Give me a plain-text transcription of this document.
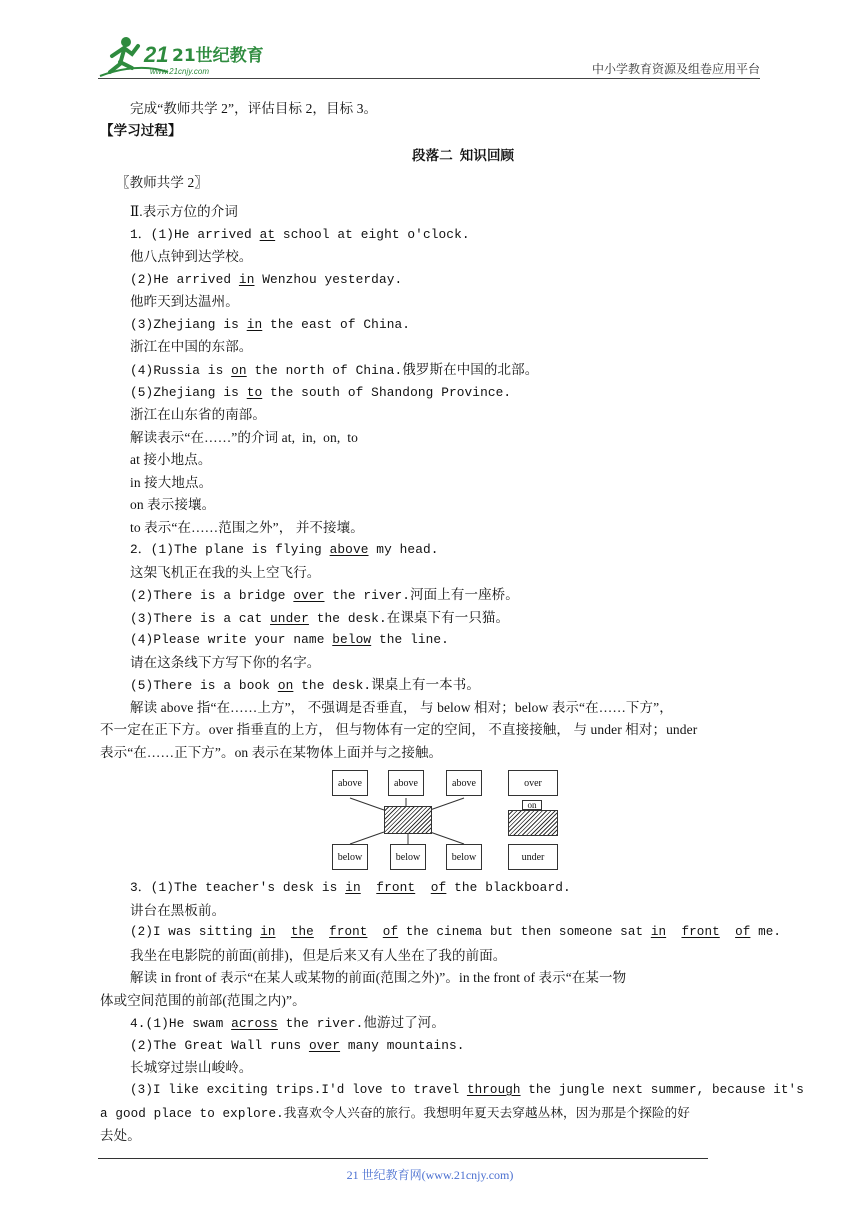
21 21世纪教育
www.21cnjy.com	中小学教育资源及组卷应用平台
完成“教师共学 2”，评估目标 2，目标 3。
【学习过程】
段落二  知识回顾
〖教师共学 2〗
Ⅱ.表示方位的介词
1．(1)He arrived at school at eight o'clock.
他八点钟到达学校。
(2)He arrived in Wenzhou yesterday.
他昨天到达温州。
(3)Zhejiang is in the east of China.
浙江在中国的东部。
(4)Russia is on the north of China.俄罗斯在中国的北部。
(5)Zhejiang is to the south of Shandong Province.
浙江在山东省的南部。
解读表示“在……”的介词 at,  in,  on,  to
at 接小地点。
in 接大地点。
on 表示接壤。
to 表示“在……范围之外”， 并不接壤。
2．(1)The plane is flying above my head.
这架飞机正在我的头上空飞行。
(2)There is a bridge over the river.河面上有一座桥。
(3)There is a cat under the desk.在课桌下有一只猫。
(4)Please write your name below the line.
请在这条线下方写下你的名字。
(5)There is a book on the desk.课桌上有一本书。
解读 above 指“在……上方”， 不强调是否垂直， 与 below 相对；below 表示“在……下方”，
不一定在正下方。over 指垂直的上方， 但与物体有一定的空间， 不直接接触， 与 under 相对；under
表示“在……正下方”。on 表示在某物体上面并与之接触。
above	above	above
below	below	below
over
on
under
3．(1)The teacher's desk is in front of the blackboard.
讲台在黑板前。
(2)I was sitting in the front of the cinema but then someone sat in front of me.
我坐在电影院的前面(前排)，但是后来又有人坐在了我的前面。
解读 in front of 表示“在某人或某物的前面(范围之外)”。in the front of 表示“在某一物
体或空间范围的前部(范围之内)”。
4.(1)He swam across the river.他游过了河。
(2)The Great Wall runs over many mountains.
长城穿过崇山峻岭。
(3)I like exciting trips.I'd love to travel through the jungle next summer, because it's
a good place to explore.我喜欢令人兴奋的旅行。我想明年夏天去穿越丛林，因为那是个探险的好
去处。
21 世纪教育网(www.21cnjy.com)
